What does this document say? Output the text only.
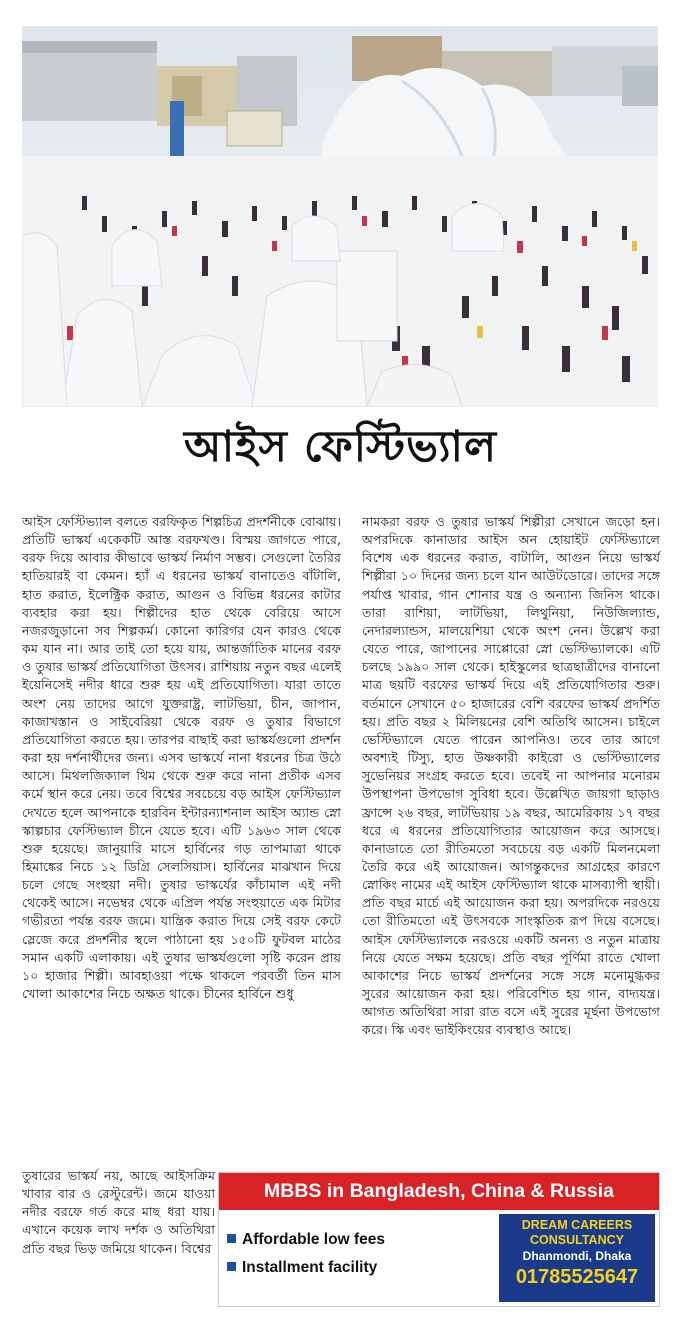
আইস ফেস্টিভ্যাল

আইস ফেস্টিভ্যাল বলতে বরফিকৃত শিল্পচিত্র প্রদর্শনীকে বোঝায়। প্রতিটি ভাস্কর্য একেকটি আস্ত বরফখণ্ড। বিস্ময় জাগতে পারে, বরফ দিয়ে আবার কীভাবে ভাস্কর্য নির্মাণ সম্ভব। সেগুলো তৈরির হাতিয়ারই বা কেমন। হ্যাঁ এ ধরনের ভাস্কর্য বানাতেও বাঁটালি, হাত করাত, ইলেক্ট্রিক করাত, আগুন ও বিভিন্ন ধরনের কাটার ব্যবহার করা হয়। শিল্পীদের হাত থেকে বেরিয়ে আসে নজরজুড়ানো সব শিল্পকর্ম। কোনো কারিগর যেন কারও থেকে কম যান না। আর তাই তো হয়ে যায়, আন্তর্জাতিক মানের বরফ ও তুষার ভাস্কর্য প্রতিযোগিতা উৎসব। রাশিয়ায় নতুন বছর এলেই ইয়েনিসেই নদীর ধারে শুরু হয় এই প্রতিযোগিতা। যারা তাতে অংশ নেয় তাদের আগে যুক্তরাষ্ট্র, লাটভিয়া, চীন, জাপান, কাজাখস্তান ও সাইবেরিয়া থেকে বরফ ও তুষার বিভাগে প্রতিযোগিতা করতে হয়। তারপর বাছাই করা ভাস্কর্যগুলো প্রদর্শন করা হয় দর্শনার্থীদের জন্য। এসব ভাস্কর্যে নানা ধরনের চিত্র উঠে আসে। মিথলজিক্যাল থিম থেকে শুরু করে নানা প্রতীক এসব কর্মে স্থান করে নেয়। তবে বিশ্বের সবচেয়ে বড় আইস ফেস্টিভ্যাল দেখতে হলে আপনাকে হারবিন ইন্টারন্যাশনাল আইস অ্যান্ড স্নো স্কাল্পচার ফেস্টিভ্যাল চীনে যেতে হবে। এটি ১৯৬৩ সাল থেকে শুরু হয়েছে। জানুয়ারি মাসে হার্বিনের গড় তাপমাত্রা থাকে হিমাঙ্কের নিচে ১২ ডিগ্রি সেলসিয়াস। হার্বিনের মাঝখান দিয়ে চলে গেছে সংহুয়া নদী। তুষার ভাস্কর্যের কাঁচামাল এই নদী থেকেই আসে। নভেম্বর থেকে এপ্রিল পর্যন্ত সংহুয়াতে এক মিটার গভীরতা পর্যন্ত বরফ জমে। যান্ত্রিক করাত দিয়ে সেই বরফ কেটে স্লেজে করে প্রদর্শনীর স্থলে পাঠানো হয় ১৫০টি ফুটবল মাঠের সমান একটি এলাকায়। এই তুষার ভাস্কর্যগুলো সৃষ্টি করেন প্রায় ১০ হাজার শিল্পী। আবহাওয়া পক্ষে থাকলে পরবর্তী তিন মাস খোলা আকাশের নিচে অক্ষত থাকে। চীনের হার্বিনে শুধু

তুষারের ভাস্কর্য নয়, আছে আইসক্রিম খাবার বার ও রেস্টুরেন্ট। জমে যাওয়া নদীর বরফে গর্ত করে মাছ ধরা যায়। এখানে কয়েক লাখ দর্শক ও অতিথিরা প্রতি বছর ভিড় জমিয়ে থাকেন। বিশ্বের

নামকরা বরফ ও তুষার ভাস্কর্য শিল্পীরা সেখানে জড়ো হন। অপরদিকে কানাডার আইস অন হোয়াইট ফেস্টিভ্যালে বিশেষ এক ধরনের করাত, বাটালি, আগুন নিয়ে ভাস্কর্য শিল্পীরা ১০ দিনের জন্য চলে যান আউটডোরে। তাদের সঙ্গে পর্যাপ্ত খাবার, গান শোনার যন্ত্র ও অন্যান্য জিনিস থাকে। তারা রাশিয়া, লাটভিয়া, লিথুনিয়া, নিউজিল্যান্ড, নেদারল্যান্ডস, মালয়েশিয়া থেকে অংশ নেন। উল্লেখ করা যেতে পারে, জাপানের সাপ্পোরো স্নো ভেস্টিভ্যালকে। এটি চলছে ১৯৯০ সাল থেকে। হাইস্কুলের ছাত্রছাত্রীদের বানানো মাত্র ছয়টি বরফের ভাস্কর্য দিয়ে এই প্রতিযোগিতার শুরু। বর্তমানে সেখানে ৫০ হাজারের বেশি বরফের ভাস্কর্য প্রদর্শিত হয়। প্রতি বছর ২ মিলিয়নের বেশি অতিথি আসেন। চাইলে ভেস্টিভ্যালে যেতে পারেন আপনিও। তবে তার আগে অবশ্যই টিস্যু, হাত উষ্ণকারী কাইরো ও ভেস্টিভ্যালের সুভেনিয়র সংগ্রহ করতে হবে। তবেই না আপনার মনোরম উপস্থাপনা উপভোগ সুবিধা হবে। উল্লেখিত জায়গা ছাড়াও ফ্রান্সে ২৬ বছর, লাটভিয়ায় ১৯ বছর, আমেরিকায় ১৭ বছর ধরে এ ধরনের প্রতিযোগিতার আয়োজন করে আসছে। কানাডাতে তো রীতিমতো সবচেয়ে বড় একটি মিলনমেলা তৈরি করে এই আয়োজন। আগন্তুকদের আগ্রহের কারণে স্নোকিং নামের এই আইস ফেস্টিভ্যাল থাকে মাসব্যাপী স্থায়ী। প্রতি বছর মার্চে এই আয়োজন করা হয়। অপরদিকে নরওয়ে তো রীতিমতো এই উৎসবকে সাংস্কৃতিক রূপ দিয়ে বসেছে। আইস ফেস্টিভ্যালকে নরওয়ে একটি অনন্য ও নতুন মাত্রায় নিয়ে যেতে সক্ষম হয়েছে। প্রতি বছর পূর্ণিমা রাতে খোলা আকাশের নিচে ভাস্কর্য প্রদর্শনের সঙ্গে সঙ্গে মনোমুগ্ধকর সুরের আয়োজন করা হয়। পরিবেশিত হয় গান, বাদ্যযন্ত্র। আগত অতিথিরা সারা রাত বসে এই সুরের মূর্ছনা উপভোগ করে। স্কি এবং ভাইকিংয়ের ব্যবস্থাও আছে।

MBBS in Bangladesh, China & Russia
Affordable low fees
Installment facility
DREAM CAREERS
CONSULTANCY
Dhanmondi, Dhaka
01785525647
